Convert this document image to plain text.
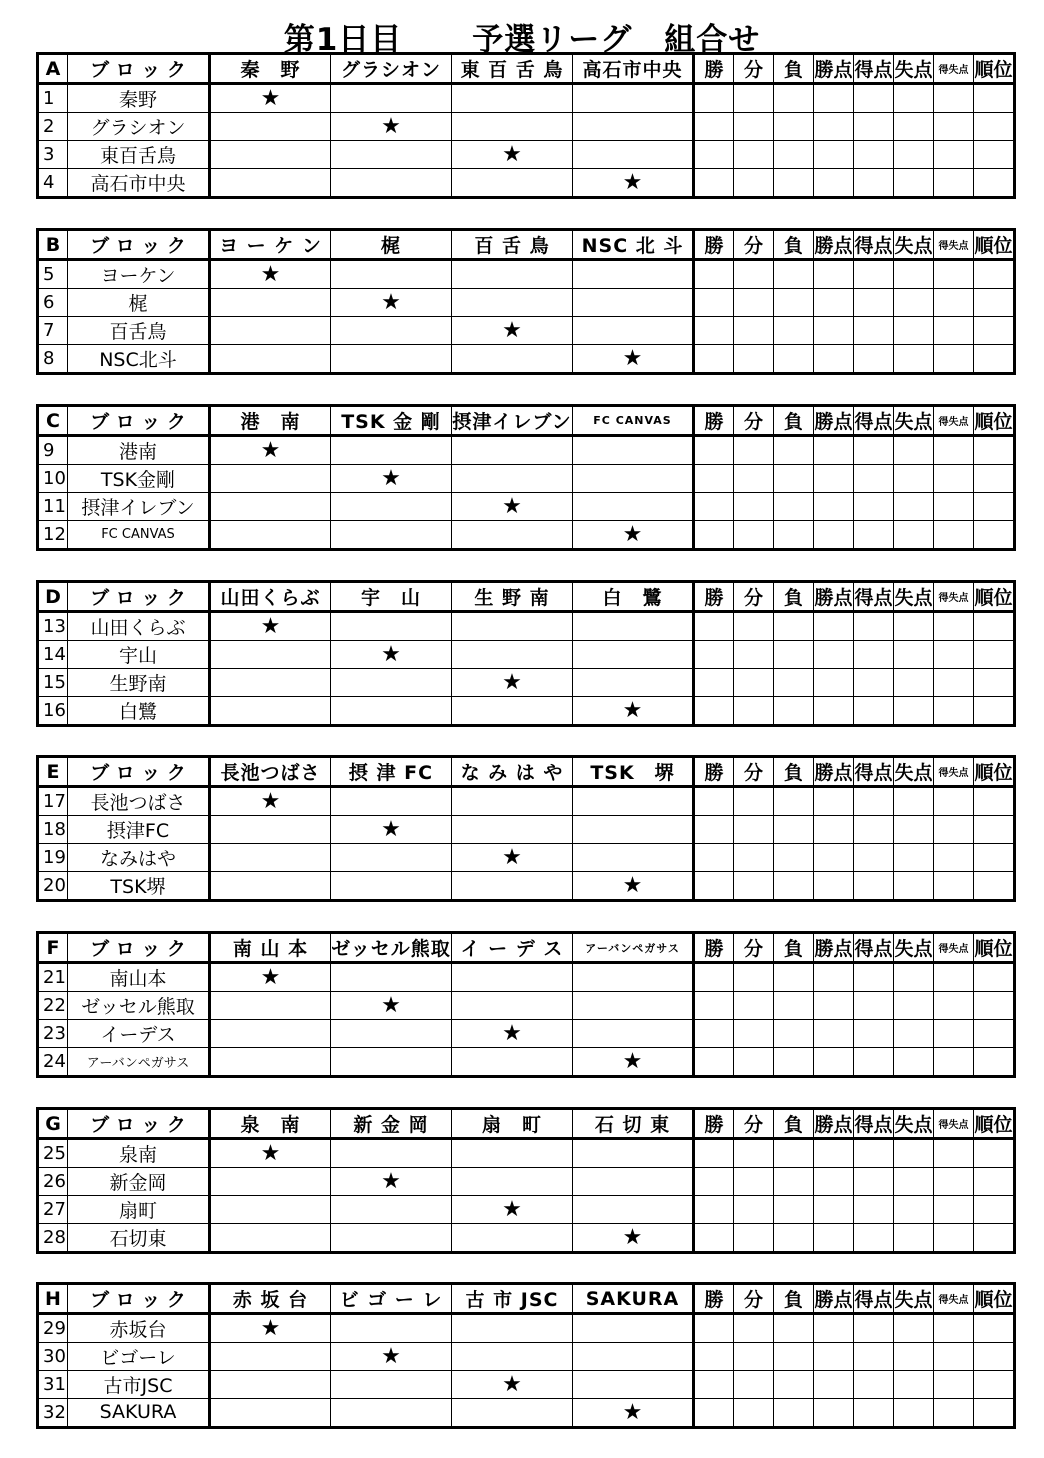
第1日目 予選リーグ　組合せ
A	ブ ロ ッ ク	秦　野	グラシオン	東 百 舌 鳥	高石市中央	勝	分	負	勝点	得点	失点	得失点	順位
1	秦野	★											
2	グラシオン		★										
3	東百舌鳥			★									
4	高石市中央				★								
B	ブ ロ ッ ク	ヨ ー ケ ン	梶	百 舌 鳥	NSC 北 斗	勝	分	負	勝点	得点	失点	得失点	順位
5	ヨーケン	★											
6	梶		★										
7	百舌鳥			★									
8	NSC北斗				★								
C	ブ ロ ッ ク	港　南	TSK 金 剛	摂津イレブン	FC CANVAS	勝	分	負	勝点	得点	失点	得失点	順位
9	港南	★											
10	TSK金剛		★										
11	摂津イレブン			★									
12	FC CANVAS				★								
D	ブ ロ ッ ク	山田くらぶ	宇　山	生 野 南	白　鷺	勝	分	負	勝点	得点	失点	得失点	順位
13	山田くらぶ	★											
14	宇山		★										
15	生野南			★									
16	白鷺				★								
E	ブ ロ ッ ク	長池つばさ	摂 津 FC	な み は や	TSK　堺	勝	分	負	勝点	得点	失点	得失点	順位
17	長池つばさ	★											
18	摂津FC		★										
19	なみはや			★									
20	TSK堺				★								
F	ブ ロ ッ ク	南 山 本	ゼッセル熊取	イ ー デ ス	アーバンペガサス	勝	分	負	勝点	得点	失点	得失点	順位
21	南山本	★											
22	ゼッセル熊取		★										
23	イーデス			★									
24	アーバンペガサス				★								
G	ブ ロ ッ ク	泉　南	新 金 岡	扇　町	石 切 東	勝	分	負	勝点	得点	失点	得失点	順位
25	泉南	★											
26	新金岡		★										
27	扇町			★									
28	石切東				★								
H	ブ ロ ッ ク	赤 坂 台	ビ ゴ ー レ	古 市 JSC	SAKURA	勝	分	負	勝点	得点	失点	得失点	順位
29	赤坂台	★											
30	ビゴーレ		★										
31	古市JSC			★									
32	SAKURA				★								
